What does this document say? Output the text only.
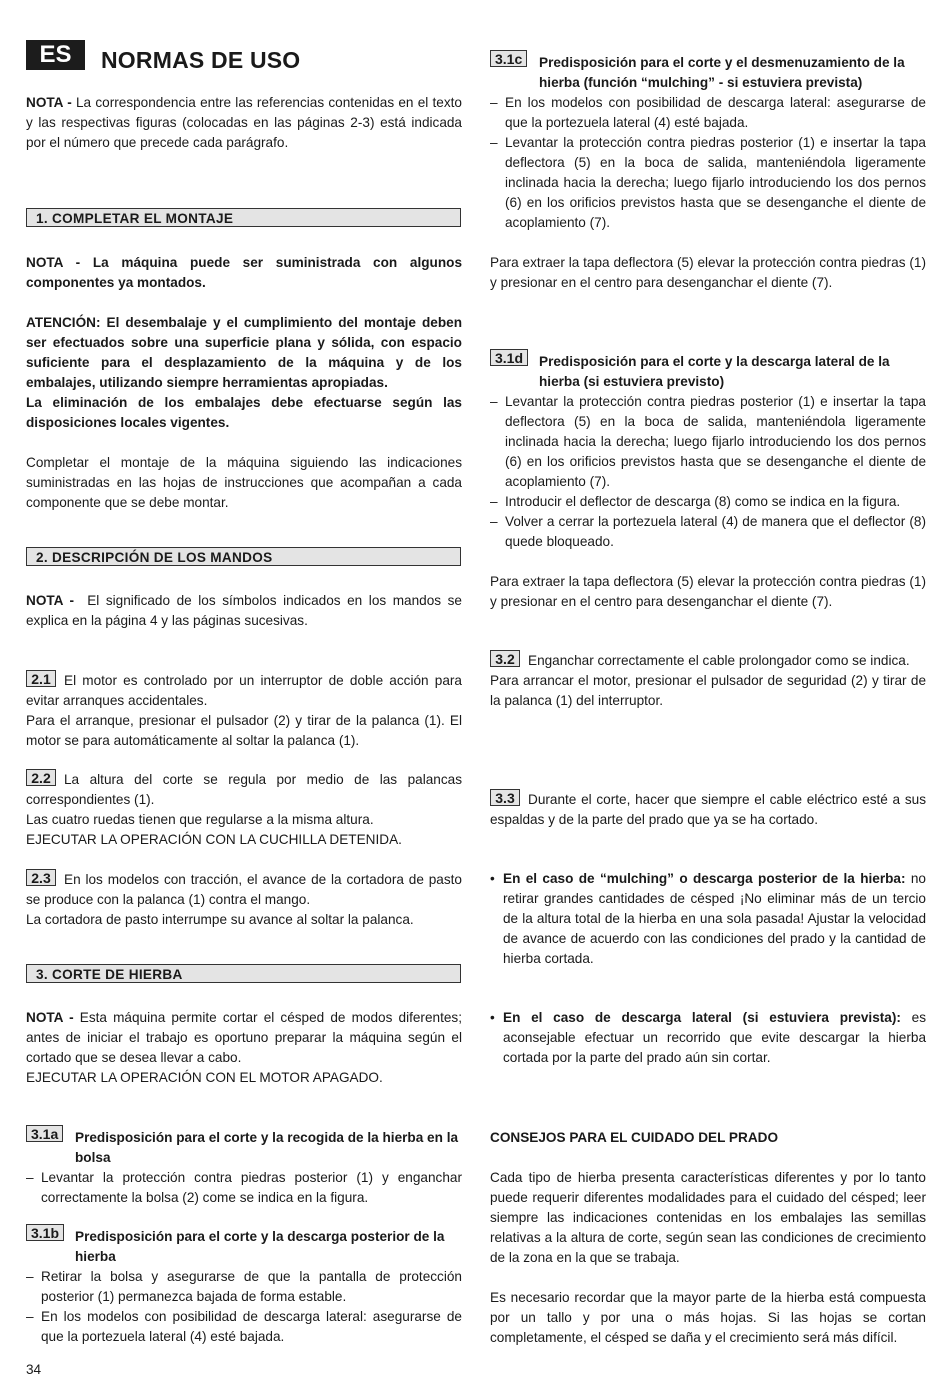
ES	NORMAS DE USO

NOTA - La correspondencia entre las referencias contenidas en el texto y las respectivas figuras (colocadas en las páginas 2-3) está indicada por el número que precede cada parágrafo.

1. COMPLETAR EL MONTAJE

NOTA - La máquina puede ser suministrada con algunos componentes ya montados.

ATENCIÓN: El desembalaje y el cumplimiento del montaje deben ser efectuados sobre una superficie plana y sólida, con espacio suficiente para el desplazamiento de la máquina y de los embalajes, utilizando siempre herramientas apropiadas.

La eliminación de los embalajes debe efectuarse según las disposiciones locales vigentes.

Completar el montaje de la máquina siguiendo las indicaciones suministradas en las hojas de instrucciones que acompañan a cada componente que se debe montar.

2. DESCRIPCIÓN DE LOS MANDOS

NOTA - El significado de los símbolos indicados en los mandos se explica en la página 4 y las páginas sucesivas.

2.1 El motor es controlado por un interruptor de doble acción para evitar arranques accidentales.

Para el arranque, presionar el pulsador (2) y tirar de la palanca (1). El motor se para automáticamente al soltar la palanca (1).

2.2 La altura del corte se regula por medio de las palancas correspondientes (1).

Las cuatro ruedas tienen que regularse a la misma altura.

EJECUTAR LA OPERACIÓN CON LA CUCHILLA DETENIDA.

2.3 En los modelos con tracción, el avance de la cortadora de pasto se produce con la palanca (1) contra el mango.

La cortadora de pasto interrumpe su avance al soltar la palanca.

3. CORTE DE HIERBA

NOTA - Esta máquina permite cortar el césped de modos diferentes; antes de iniciar el trabajo es oportuno preparar la máquina según el cortado que se desea llevar a cabo.

EJECUTAR LA OPERACIÓN CON EL MOTOR APAGADO.

3.1a	Predisposición para el corte y la recogida de la hierba en la bolsa
– Levantar la protección contra piedras posterior (1) y enganchar correctamente la bolsa (2) come se indica en la figura.
3.1b	Predisposición para el corte y la descarga posterior de la hierba
– Retirar la bolsa y asegurarse de que la pantalla de protección posterior (1) permanezca bajada de forma estable.
– En los modelos con posibilidad de descarga lateral: asegurarse de que la portezuela lateral (4) esté bajada.
34
3.1c	Predisposición para el corte y el desmenuzamiento de la hierba (función “mulching” - si estuviera prevista)
– En los modelos con posibilidad de descarga lateral: asegurarse de que la portezuela lateral (4) esté bajada.
– Levantar la protección contra piedras posterior (1) e insertar la tapa deflectora (5) en la boca de salida, manteniéndola ligeramente inclinada hacia la derecha; luego fijarlo introduciendo los dos pernos (6) en los orificios previstos hasta que se desenganche el diente de acoplamiento (7).

Para extraer la tapa deflectora (5) elevar la protección contra piedras (1) y presionar en el centro para desenganchar el diente (7).

3.1d	Predisposición para el corte y la descarga lateral de la hierba (si estuviera previsto)
– Levantar la protección contra piedras posterior (1) e insertar la tapa deflectora (5) en la boca de salida, manteniéndola ligeramente inclinada hacia la derecha; luego fijarlo introduciendo los dos pernos (6) en los orificios previstos hasta que se desenganche el diente de acoplamiento (7).
– Introducir el deflector de descarga (8) como se indica en la figura.
– Volver a cerrar la portezuela lateral (4) de manera que el deflector (8) quede bloqueado.

Para extraer la tapa deflectora (5) elevar la protección contra piedras (1) y presionar en el centro para desenganchar el diente (7).

3.2 Enganchar correctamente el cable prolongador como se indica.

Para arrancar el motor, presionar el pulsador de seguridad (2) y tirar de la palanca (1) del interruptor.

3.3 Durante el corte, hacer que siempre el cable eléctrico esté a sus espaldas y de la parte del prado que ya se ha cortado.

• En el caso de “mulching” o descarga posterior de la hierba: no retirar grandes cantidades de césped ¡No eliminar más de un tercio de la altura total de la hierba en una sola pasada! Ajustar la velocidad de avance de acuerdo con las condiciones del prado y la cantidad de hierba cortada.
• En el caso de descarga lateral (si estuviera prevista): es aconsejable efectuar un recorrido que evite descargar la hierba cortada por la parte del prado aún sin cortar.

CONSEJOS PARA EL CUIDADO DEL PRADO

Cada tipo de hierba presenta características diferentes y por lo tanto puede requerir diferentes modalidades para el cuidado del césped; leer siempre las indicaciones contenidas en los embalajes las semillas relativas a la altura de corte, según sean las condiciones de crecimiento de la zona en la que se trabaja.

Es necesario recordar que la mayor parte de la hierba está compuesta por un tallo y por una o más hojas. Si las hojas se cortan completamente, el césped se daña y el crecimiento será más difícil.
